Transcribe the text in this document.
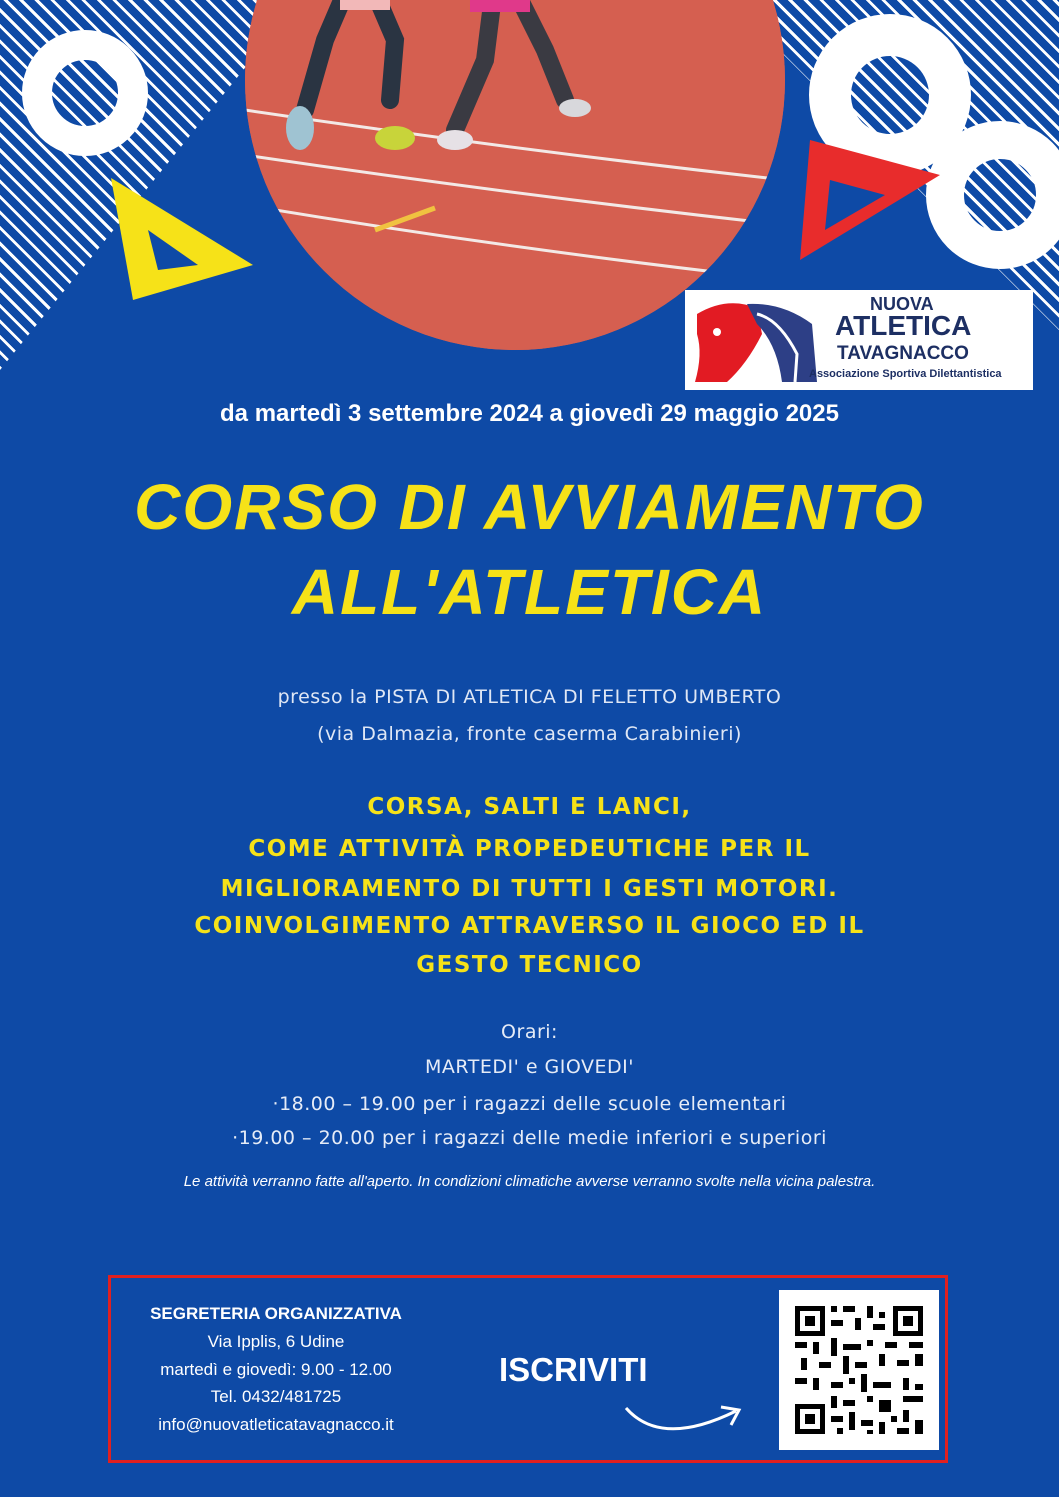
NUOVA
ATLETICA
TAVAGNACCO
Associazione Sportiva Dilettantistica
da martedì 3 settembre 2024 a giovedì 29 maggio 2025
CORSO DI AVVIAMENTO
ALL'ATLETICA
presso la PISTA DI ATLETICA DI FELETTO UMBERTO
(via Dalmazia, fronte caserma Carabinieri)
CORSA, SALTI E LANCI,
COME ATTIVITÀ PROPEDEUTICHE PER IL
MIGLIORAMENTO DI TUTTI I GESTI MOTORI.
COINVOLGIMENTO ATTRAVERSO IL GIOCO ED IL
GESTO TECNICO
Orari:
MARTEDI' e GIOVEDI'
·18.00 – 19.00 per i ragazzi delle scuole elementari
·19.00 – 20.00 per i ragazzi delle medie inferiori e superiori
Le attività verranno fatte all'aperto. In condizioni climatiche avverse verranno svolte nella vicina palestra.
SEGRETERIA ORGANIZZATIVA
Via Ipplis, 6 Udine
martedì e giovedì: 9.00 - 12.00
Tel. 0432/481725
info@nuovatleticatavagnacco.it
ISCRIVITI
